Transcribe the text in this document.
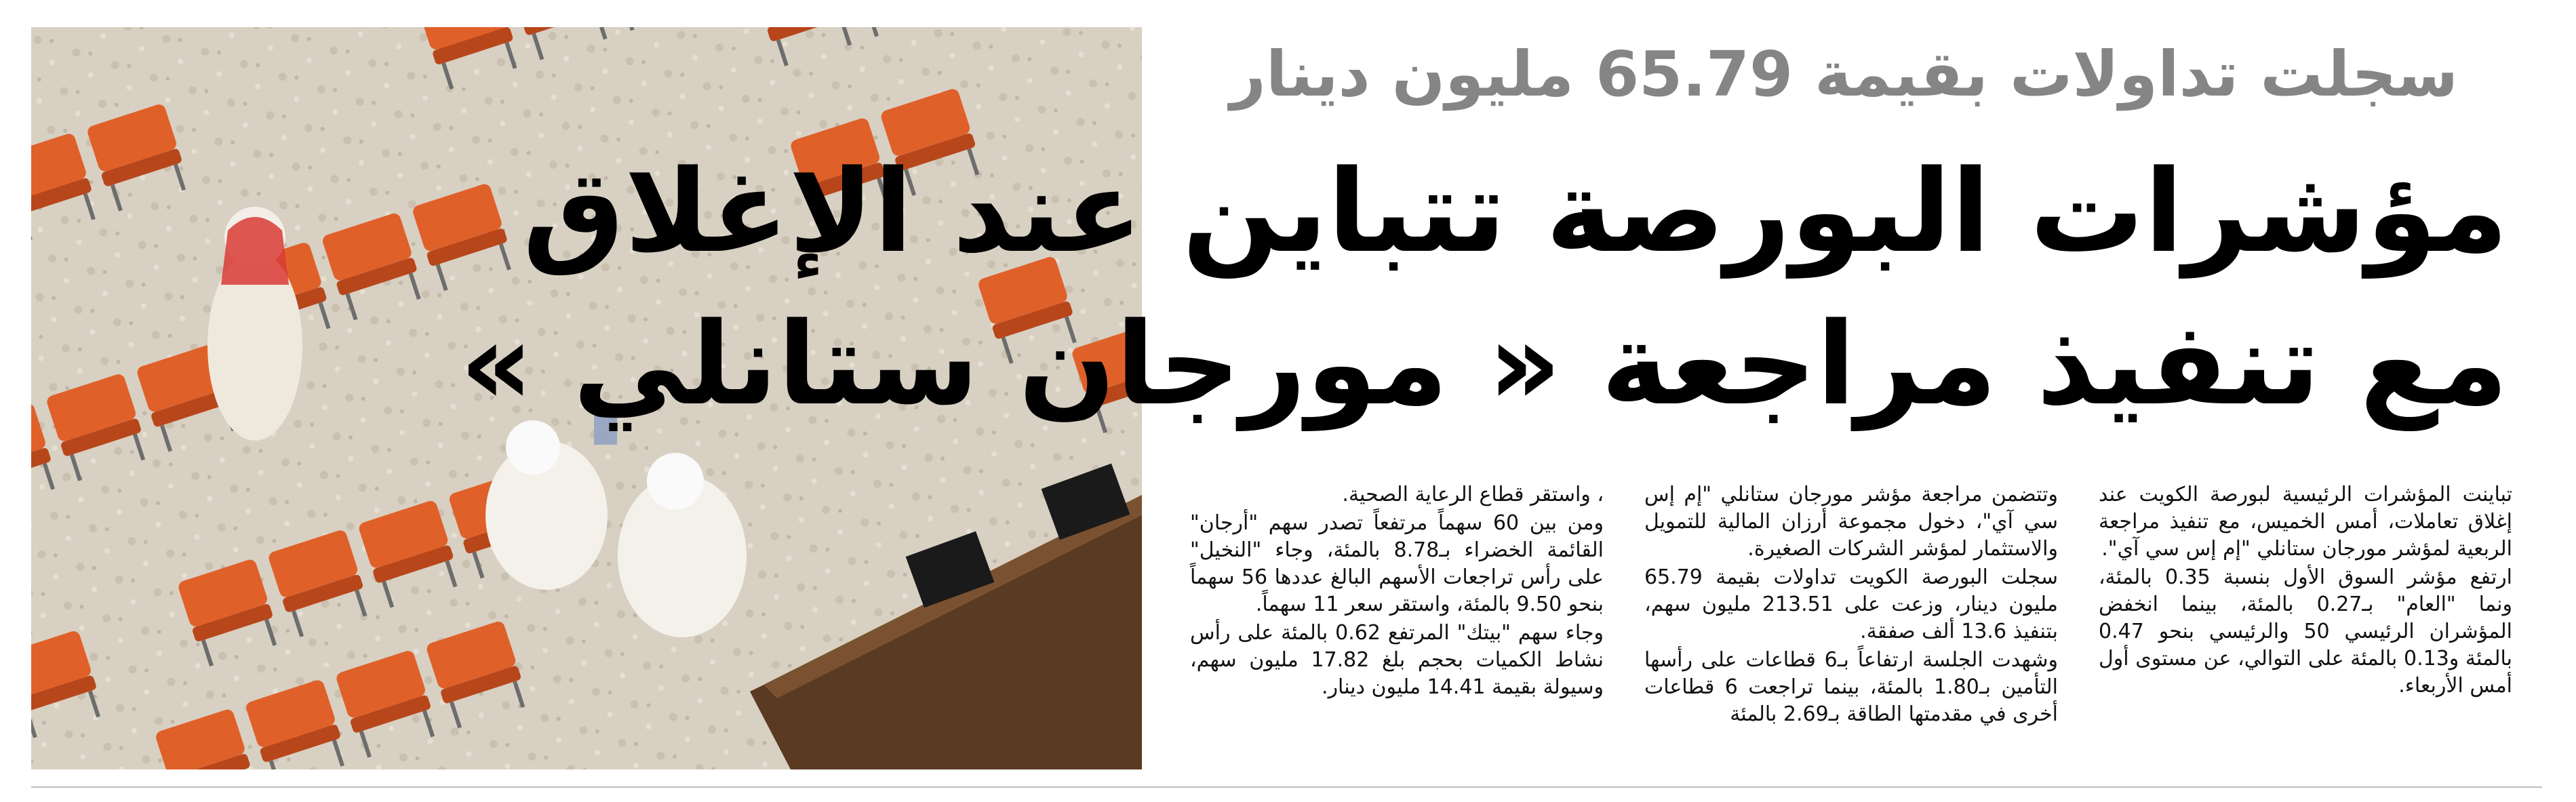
سجلت تداولات بقيمة 65.79 مليون دينار
مؤشرات البورصة تتباين عند الإغلاق
مع تنفيذ مراجعة « مورجان ستانلي »

تباينت المؤشرات الرئيسية لبورصة الكويت عند إغلاق تعاملات، أمس الخميس، مع تنفيذ مراجعة الربعية لمؤشر مورجان ستانلي "إم إس سي آي".

ارتفع مؤشر السوق الأول بنسبة 0.35 بالمئة، ونما "العام" بـ0.27 بالمئة، بينما انخفض المؤشران الرئيسي 50 والرئيسي بنحو 0.47 بالمئة و0.13 بالمئة على التوالي، عن مستوى أول أمس الأربعاء.

وتتضمن مراجعة مؤشر مورجان ستانلي "إم إس سي آي"، دخول مجموعة أرزان المالية للتمويل والاستثمار لمؤشر الشركات الصغيرة.

سجلت البورصة الكويت تداولات بقيمة 65.79 مليون دينار، وزعت على 213.51 مليون سهم، بتنفيذ 13.6 ألف صفقة.

وشهدت الجلسة ارتفاعاً بـ6 قطاعات على رأسها التأمين بـ1.80 بالمئة، بينما تراجعت 6 قطاعات أخرى في مقدمتها الطاقة بـ2.69 بالمئة

، واستقر قطاع الرعاية الصحية.

ومن بين 60 سهماً مرتفعاً تصدر سهم "أرجان" القائمة الخضراء بـ8.78 بالمئة، وجاء "النخيل" على رأس تراجعات الأسهم البالغ عددها 56 سهماً بنحو 9.50 بالمئة، واستقر سعر 11 سهماً.

وجاء سهم "بيتك" المرتفع 0.62 بالمئة على رأس نشاط الكميات بحجم بلغ 17.82 مليون سهم، وسيولة بقيمة 14.41 مليون دينار.
